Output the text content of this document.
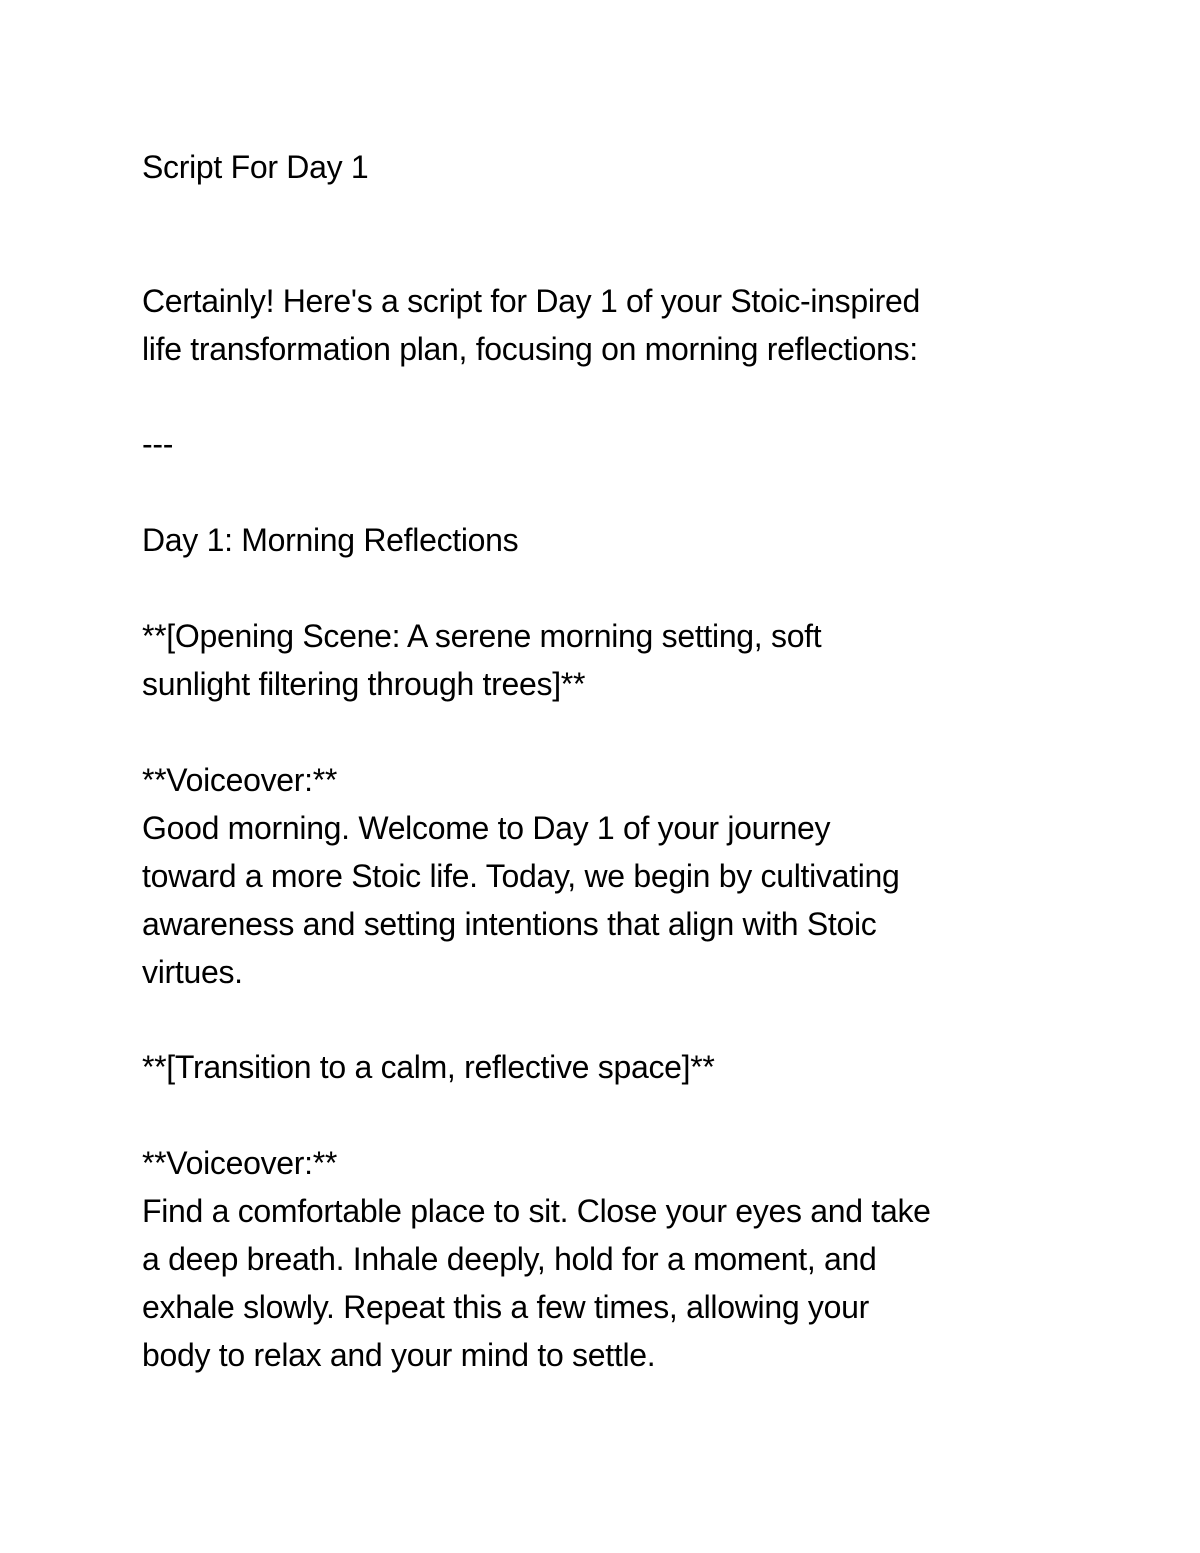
Script For Day 1
Certainly! Here's a script for Day 1 of your Stoic-inspired
life transformation plan, focusing on morning reflections:
---
Day 1: Morning Reflections
**[Opening Scene: A serene morning setting, soft
sunlight filtering through trees]**
**Voiceover:**
Good morning. Welcome to Day 1 of your journey
toward a more Stoic life. Today, we begin by cultivating
awareness and setting intentions that align with Stoic
virtues.
**[Transition to a calm, reflective space]**
**Voiceover:**
Find a comfortable place to sit. Close your eyes and take
a deep breath. Inhale deeply, hold for a moment, and
exhale slowly. Repeat this a few times, allowing your
body to relax and your mind to settle.
